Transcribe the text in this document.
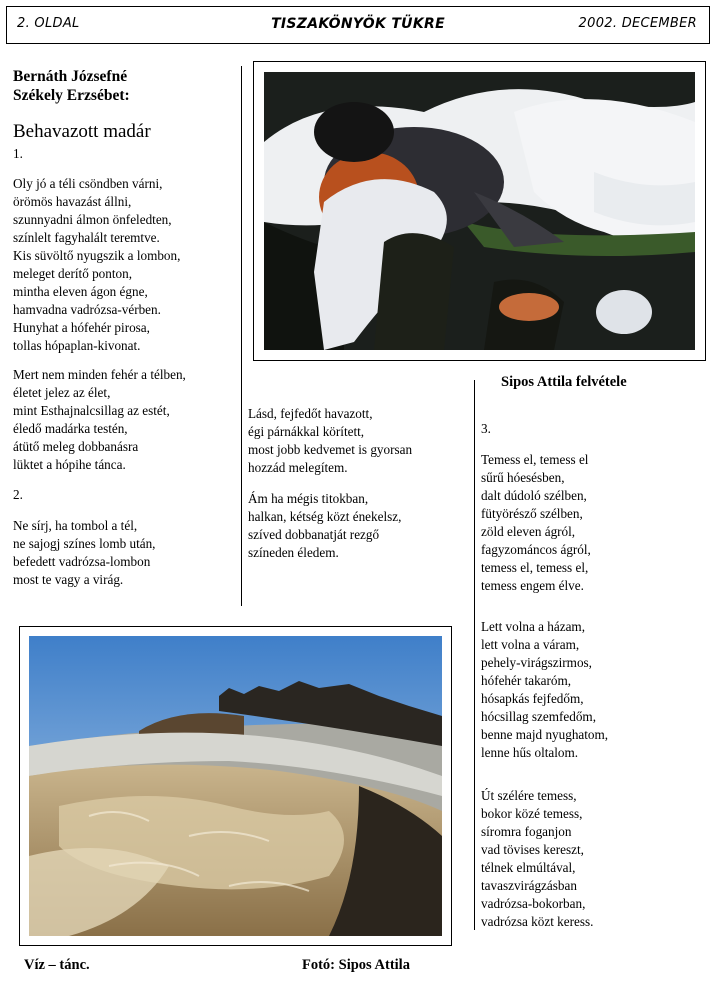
2. OLDAL	TISZAKÖNYÖK TÜKRE	2002. DECEMBER
Bernáth Józsefné
Székely Erzsébet:
Behavazott madár
1.
Oly jó a téli csöndben várni,
örömös havazást állni,
szunnyadni álmon önfeledten,
színlelt fagyhalált teremtve.
Kis süvöltő nyugszik a lombon,
meleget derítő ponton,
mintha eleven ágon égne,
hamvadna vadrózsa-vérben.
Hunyhat a hófehér pirosa,
tollas hópaplan-kivonat.
Mert nem minden fehér a télben,
életet jelez az élet,
mint Esthajnalcsillag az estét,
éledő madárka testén,
átütő meleg dobbanásra
lüktet a hópihe tánca.
2.
Ne sírj, ha tombol a tél,
ne sajogj színes lomb után,
befedett vadrózsa-lombon
most te vagy a virág.
Sipos Attila felvétele
Lásd, fejfedőt havazott,
égi párnákkal körített,
most jobb kedvemet is gyorsan
hozzád melegítem.
Ám ha mégis titokban,
halkan, kétség közt énekelsz,
szíved dobbanatját rezgő
színeden éledem.
3.
Temess el, temess el
sűrű hóesésben,
dalt dúdoló szélben,
fütyörésző szélben,
zöld eleven ágról,
fagyzománcos ágról,
temess el, temess el,
temess engem élve.
Lett volna a házam,
lett volna a váram,
pehely-virágszirmos,
hófehér takaróm,
hósapkás fejfedőm,
hócsillag szemfedőm,
benne majd nyughatom,
lenne hűs oltalom.
Út szélére temess,
bokor közé temess,
síromra foganjon
vad tövises kereszt,
télnek elmúltával,
tavaszvirágzásban
vadrózsa-bokorban,
vadrózsa közt keress.
Víz – tánc.	Fotó: Sipos Attila
